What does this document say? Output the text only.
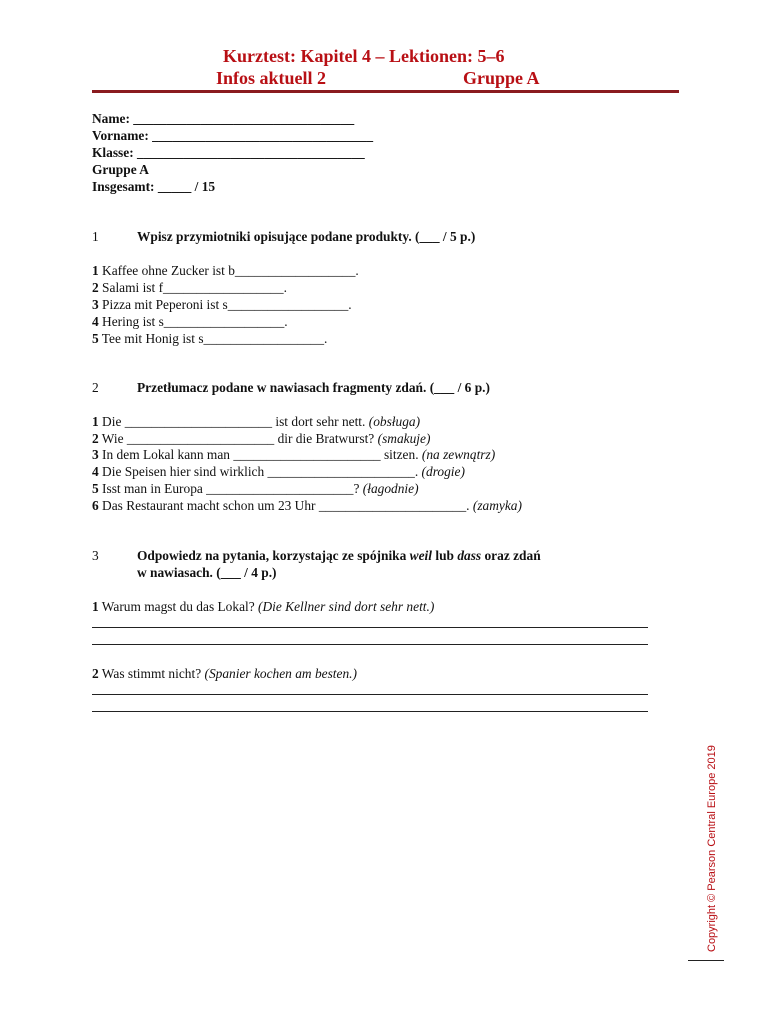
Kurztest: Kapitel 4 – Lektionen: 5–6
Infos aktuell 2	Gruppe A
Name: _________________________________
Vorname: _________________________________
Klasse: __________________________________
Gruppe A
Insgesamt: _____ / 15
1	Wpisz przymiotniki opisujące podane produkty. (___ / 5 p.)
1 Kaffee ohne Zucker ist b__________________.
2 Salami ist f__________________.
3 Pizza mit Peperoni ist s__________________.
4 Hering ist s__________________.
5 Tee mit Honig ist s__________________.
2	Przetłumacz podane w nawiasach fragmenty zdań. (___ / 6 p.)
1 Die ______________________ ist dort sehr nett. (obsługa)
2 Wie ______________________ dir die Bratwurst? (smakuje)
3 In dem Lokal kann man ______________________ sitzen. (na zewnątrz)
4 Die Speisen hier sind wirklich ______________________. (drogie)
5 Isst man in Europa ______________________? (łagodnie)
6 Das Restaurant macht schon um 23 Uhr ______________________. (zamyka)
3	Odpowiedz na pytania, korzystając ze spójnika weil lub dass oraz zdań
w nawiasach. (___ / 4 p.)
1 Warum magst du das Lokal? (Die Kellner sind dort sehr nett.)
2 Was stimmt nicht? (Spanier kochen am besten.)
Copyright © Pearson Central Europe 2019
